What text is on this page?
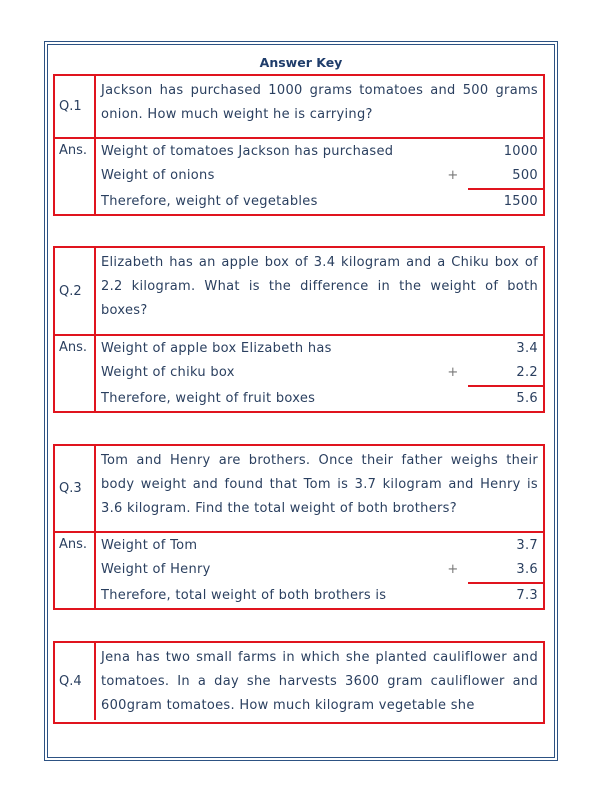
Answer Key
Q.1
Jackson has purchased 1000 grams tomatoes and 500 grams onion. How much weight he is carrying?
Ans.	Weight of tomatoes Jackson has purchased	1000
Weight of onions	+	500
Therefore, weight of vegetables	1500
Q.2
Elizabeth has an apple box of 3.4 kilogram and a Chiku box of 2.2 kilogram. What is the difference in the weight of both boxes?
Ans.	Weight of apple box Elizabeth has	3.4
Weight of chiku box	+	2.2
Therefore, weight of fruit boxes	5.6
Q.3
Tom and Henry are brothers. Once their father weighs their body weight and found that Tom is 3.7 kilogram and Henry is 3.6 kilogram. Find the total weight of both brothers?
Ans.	Weight of Tom	3.7
Weight of Henry	+	3.6
Therefore, total weight of both brothers is	7.3
Q.4
Jena has two small farms in which she planted cauliflower and tomatoes. In a day she harvests 3600 gram cauliflower and 600gram tomatoes. How much kilogram vegetable she
